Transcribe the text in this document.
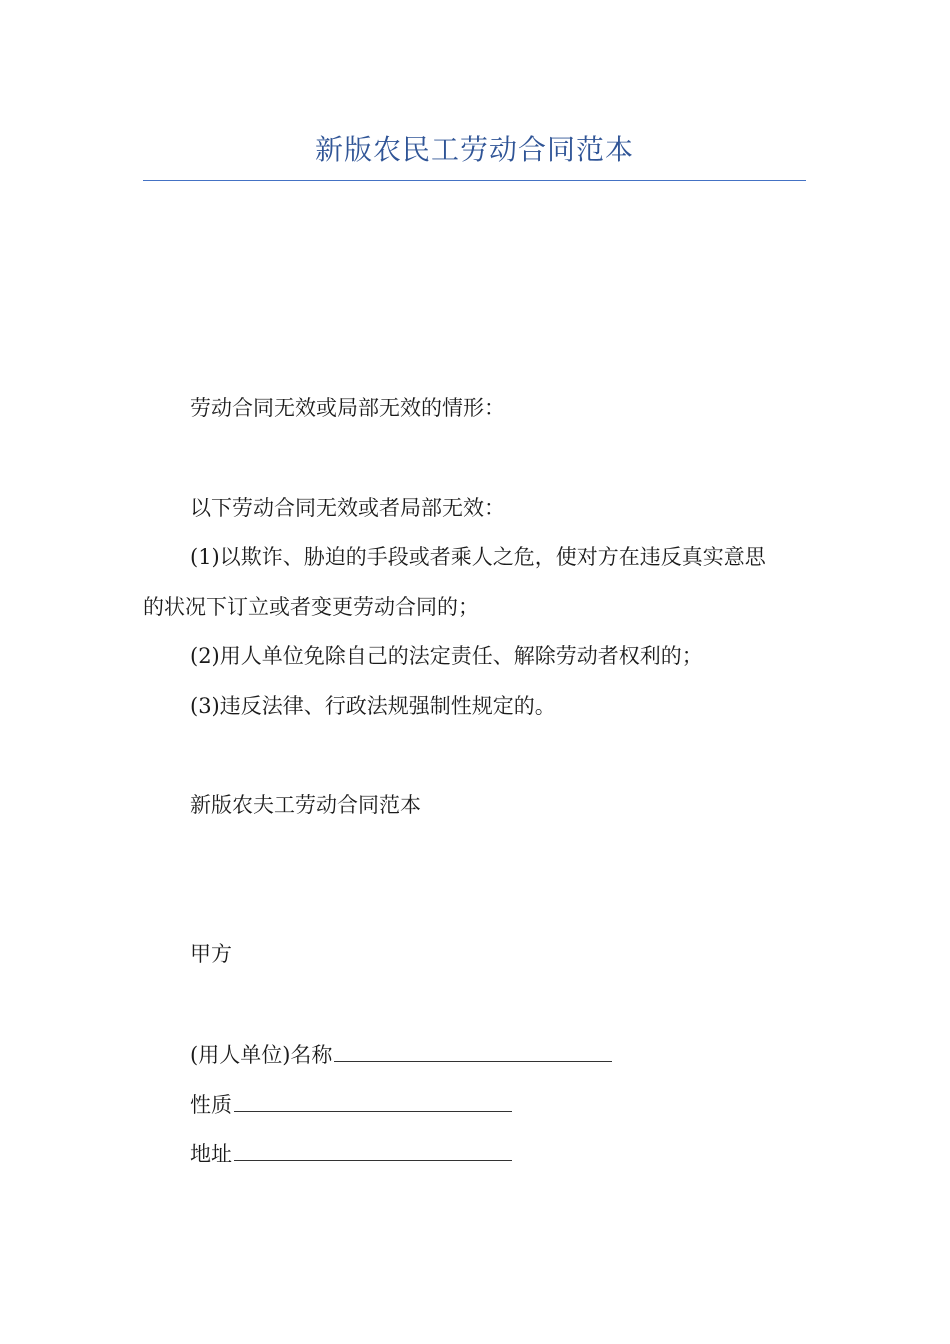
新版农民工劳动合同范本
劳动合同无效或局部无效的情形：
以下劳动合同无效或者局部无效：
(1)以欺诈、胁迫的手段或者乘人之危，使对方在违反真实意思
的状况下订立或者变更劳动合同的；
(2)用人单位免除自己的法定责任、解除劳动者权利的；
(3)违反法律、行政法规强制性规定的。
新版农夫工劳动合同范本
甲方
(用人单位)名称
性质
地址
